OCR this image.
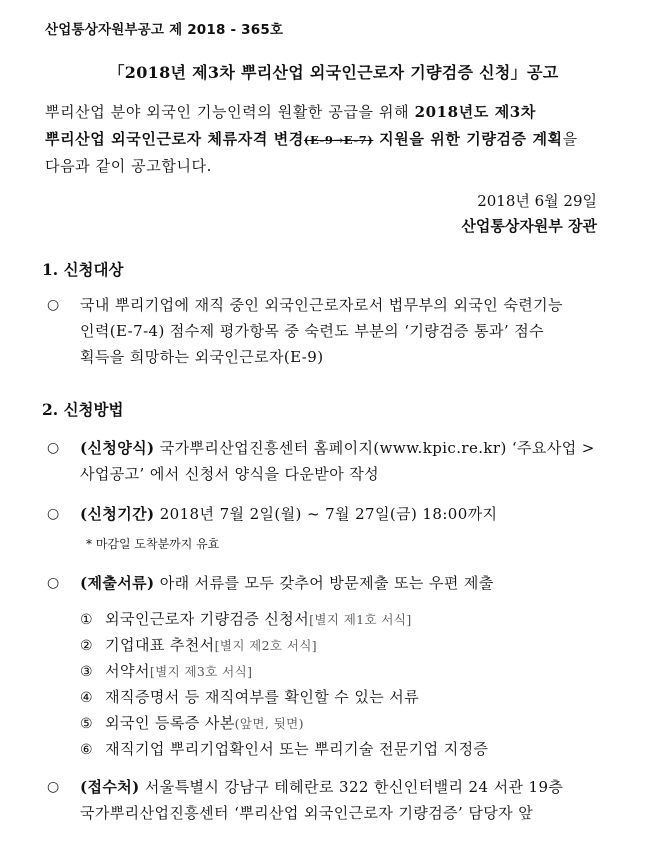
산업통상자원부공고 제 2018 - 365호
「2018년 제3차 뿌리산업 외국인근로자 기량검증 신청」공고
뿌리산업 분야 외국인 기능인력의 원활한 공급을 위해 2018년도 제3차
뿌리산업 외국인근로자 체류자격 변경(E-9→E-7) 지원을 위한 기량검증 계획을
다음과 같이 공고합니다.
2018년 6월 29일
산업통상자원부 장관
1. 신청대상
○ 국내 뿌리기업에 재직 중인 외국인근로자로서 법무부의 외국인 숙련기능
인력(E-7-4) 점수제 평가항목 중 숙련도 부분의 ‘기량검증 통과’ 점수
획득을 희망하는 외국인근로자(E-9)
2. 신청방법
○ (신청양식) 국가뿌리산업진흥센터 홈페이지(www.kpic.re.kr) ‘주요사업 >
사업공고’ 에서 신청서 양식을 다운받아 작성
○ (신청기간) 2018년 7월 2일(월) ~ 7월 27일(금) 18:00까지
* 마감일 도착분까지 유효
○ (제출서류) 아래 서류를 모두 갖추어 방문제출 또는 우편 제출
① 외국인근로자 기량검증 신청서[별지 제1호 서식]
② 기업대표 추천서[별지 제2호 서식]
③ 서약서[별지 제3호 서식]
④ 재직증명서 등 재직여부를 확인할 수 있는 서류
⑤ 외국인 등록증 사본(앞면, 뒷면)
⑥ 재직기업 뿌리기업확인서 또는 뿌리기술 전문기업 지정증
○ (접수처) 서울특별시 강남구 테헤란로 322 한신인터밸리 24 서관 19층
국가뿌리산업진흥센터 ‘뿌리산업 외국인근로자 기량검증’ 담당자 앞
